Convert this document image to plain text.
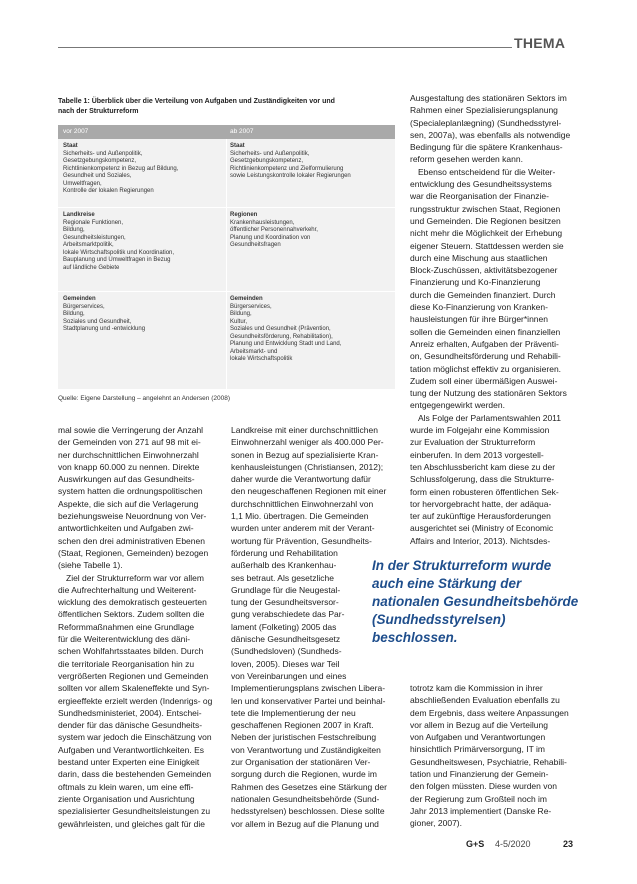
THEMA
Tabelle 1: Überblick über die Verteilung von Aufgaben und Zuständigkeiten vor und
nach der Strukturreform
vor 2007	ab 2007
Staat
Sicherheits- und Außenpolitik,
Gesetzgebungskompetenz,
Richtlinienkompetenz in Bezug auf Bildung,
Gesundheit und Soziales,
Umweltfragen,
Kontrolle der lokalen Regierungen
Staat
Sicherheits- und Außenpolitik,
Gesetzgebungskompetenz,
Richtlinienkompetenz und Zielformulierung
sowie Leistungskontrolle lokaler Regierungen
Landkreise
Regionale Funktionen,
Bildung,
Gesundheitsleistungen,
Arbeitsmarktpolitik,
lokale Wirtschaftspolitik und Koordination,
Bauplanung und Umweltfragen in Bezug
auf ländliche Gebiete
Regionen
Krankenhausleistungen,
öffentlicher Personennahverkehr,
Planung und Koordination von
Gesundheitsfragen
Gemeinden
Bürgerservices,
Bildung,
Soziales und Gesundheit,
Stadtplanung und -entwicklung
Gemeinden
Bürgerservices,
Bildung,
Kultur,
Soziales und Gesundheit (Prävention,
Gesundheitsförderung, Rehabilitation),
Planung und Entwicklung Stadt und Land,
Arbeitsmarkt- und
lokale Wirtschaftspolitik
Quelle: Eigene Darstellung – angelehnt an Andersen (2008)
mal sowie die Verringerung der Anzahl
der Gemeinden von 271 auf 98 mit ei-
ner durchschnittlichen Einwohnerzahl
von knapp 60.000 zu nennen. Direkte
Auswirkungen auf das Gesundheits-
system hatten die ordnungspolitischen
Aspekte, die sich auf die Verlagerung
beziehungsweise Neuordnung von Ver-
antwortlichkeiten und Aufgaben zwi-
schen den drei administrativen Ebenen
(Staat, Regionen, Gemeinden) bezogen
(siehe Tabelle 1).
Ziel der Strukturreform war vor allem
die Aufrechterhaltung und Weiterent-
wicklung des demokratisch gesteuerten
öffentlichen Sektors. Zudem sollten die
Reformmaßnahmen eine Grundlage
für die Weiterentwicklung des däni-
schen Wohlfahrtsstaates bilden. Durch
die territoriale Reorganisation hin zu
vergrößerten Regionen und Gemeinden
sollten vor allem Skaleneffekte und Syn-
ergieeffekte erzielt werden (Indenrigs- og
Sundhedsministeriet, 2004). Entschei-
dender für das dänische Gesundheits-
system war jedoch die Einschätzung von
Aufgaben und Verantwortlichkeiten. Es
bestand unter Experten eine Einigkeit
darin, dass die bestehenden Gemeinden
oftmals zu klein waren, um eine effi-
ziente Organisation und Ausrichtung
spezialisierter Gesundheitsleistungen zu
gewährleisten, und gleiches galt für die
Landkreise mit einer durchschnittlichen
Einwohnerzahl weniger als 400.000 Per-
sonen in Bezug auf spezialisierte Kran-
kenhausleistungen (Christiansen, 2012);
daher wurde die Verantwortung dafür
den neugeschaffenen Regionen mit einer
durchschnittlichen Einwohnerzahl von
1,1 Mio. übertragen. Die Gemeinden
wurden unter anderem mit der Verant-
wortung für Prävention, Gesundheits-
förderung und Rehabilitation
außerhalb des Krankenhau-
ses betraut. Als gesetzliche
Grundlage für die Neugestal-
tung der Gesundheitsversor-
gung verabschiedete das Par-
lament (Folketing) 2005 das
dänische Gesundheitsgesetz
(Sundhedsloven) (Sundheds-
loven, 2005). Dieses war Teil
von Vereinbarungen und eines
Implementierungsplans zwischen Libera-
len und konservativer Partei und beinhal-
tete die Implementierung der neu
geschaffenen Regionen 2007 in Kraft.
Neben der juristischen Festschreibung
von Verantwortung und Zuständigkeiten
zur Organisation der stationären Ver-
sorgung durch die Regionen, wurde im
Rahmen des Gesetzes eine Stärkung der
nationalen Gesundheitsbehörde (Sund-
hedsstyrelsen) beschlossen. Diese sollte
vor allem in Bezug auf die Planung und
Ausgestaltung des stationären Sektors im
Rahmen einer Spezialisierungsplanung
(Specialeplanlægning) (Sundhedsstyrel-
sen, 2007a), was ebenfalls als notwendige
Bedingung für die spätere Krankenhaus-
reform gesehen werden kann.
Ebenso entscheidend für die Weiter-
entwicklung des Gesundheitssystems
war die Reorganisation der Finanzie-
rungsstruktur zwischen Staat, Regionen
und Gemeinden. Die Regionen besitzen
nicht mehr die Möglichkeit der Erhebung
eigener Steuern. Stattdessen werden sie
durch eine Mischung aus staatlichen
Block-Zuschüssen, aktivitätsbezogener
Finanzierung und Ko-Finanzierung
durch die Gemeinden finanziert. Durch
diese Ko-Finanzierung von Kranken-
hausleistungen für ihre Bürger*innen
sollen die Gemeinden einen finanziellen
Anreiz erhalten, Aufgaben der Präventi-
on, Gesundheitsförderung und Rehabili-
tation möglichst effektiv zu organisieren.
Zudem soll einer übermäßigen Auswei-
tung der Nutzung des stationären Sektors
entgegengewirkt werden.
Als Folge der Parlamentswahlen 2011
wurde im Folgejahr eine Kommission
zur Evaluation der Strukturreform
einberufen. In dem 2013 vorgestell-
ten Abschlussbericht kam diese zu der
Schlussfolgerung, dass die Strukturre-
form einen robusteren öffentlichen Sek-
tor hervorgebracht hatte, der adäqua-
ter auf zukünftige Herausforderungen
ausgerichtet sei (Ministry of Economic
Affairs and Interior, 2013). Nichtsdes-
In der Strukturreform wurde
auch eine Stärkung der
nationalen Gesundheitsbehörde
(Sundhedsstyrelsen)
beschlossen.
totrotz kam die Kommission in ihrer
abschließenden Evaluation ebenfalls zu
dem Ergebnis, dass weitere Anpassungen
vor allem in Bezug auf die Verteilung
von Aufgaben und Verantwortungen
hinsichtlich Primärversorgung, IT im
Gesundheitswesen, Psychiatrie, Rehabili-
tation und Finanzierung der Gemein-
den folgen müssten. Diese wurden von
der Regierung zum Großteil noch im
Jahr 2013 implementiert (Danske Re-
gioner, 2007).
G+S 4-5/2020	23
